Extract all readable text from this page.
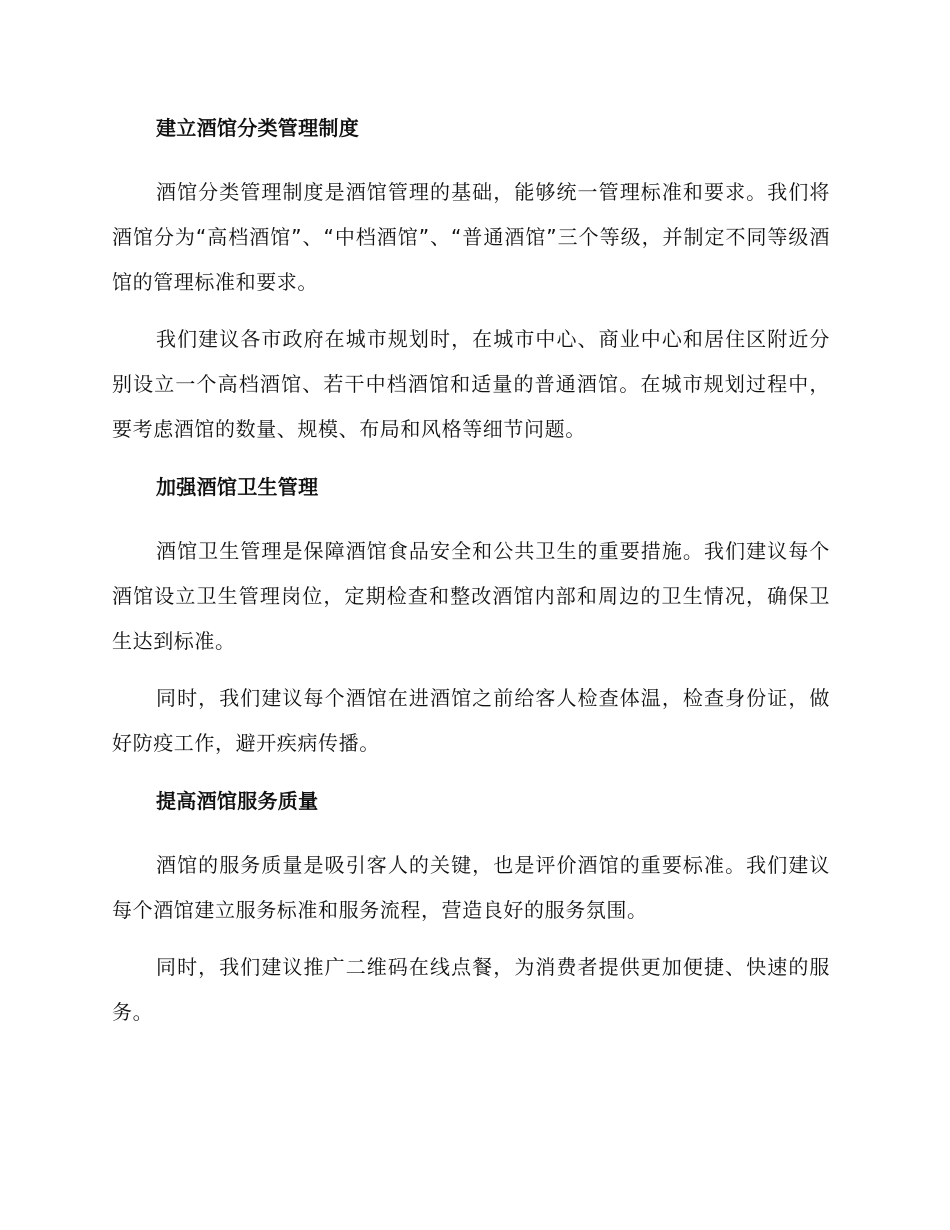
建立酒馆分类管理制度

酒馆分类管理制度是酒馆管理的基础，能够统一管理标准和要求。我们将酒馆分为“高档酒馆”、“中档酒馆”、“普通酒馆”三个等级，并制定不同等级酒馆的管理标准和要求。

我们建议各市政府在城市规划时，在城市中心、商业中心和居住区附近分别设立一个高档酒馆、若干中档酒馆和适量的普通酒馆。在城市规划过程中，要考虑酒馆的数量、规模、布局和风格等细节问题。

加强酒馆卫生管理

酒馆卫生管理是保障酒馆食品安全和公共卫生的重要措施。我们建议每个酒馆设立卫生管理岗位，定期检查和整改酒馆内部和周边的卫生情况，确保卫生达到标准。

同时，我们建议每个酒馆在进酒馆之前给客人检查体温，检查身份证，做好防疫工作，避开疾病传播。

提高酒馆服务质量

酒馆的服务质量是吸引客人的关键，也是评价酒馆的重要标准。我们建议每个酒馆建立服务标准和服务流程，营造良好的服务氛围。

同时，我们建议推广二维码在线点餐，为消费者提供更加便捷、快速的服务。
